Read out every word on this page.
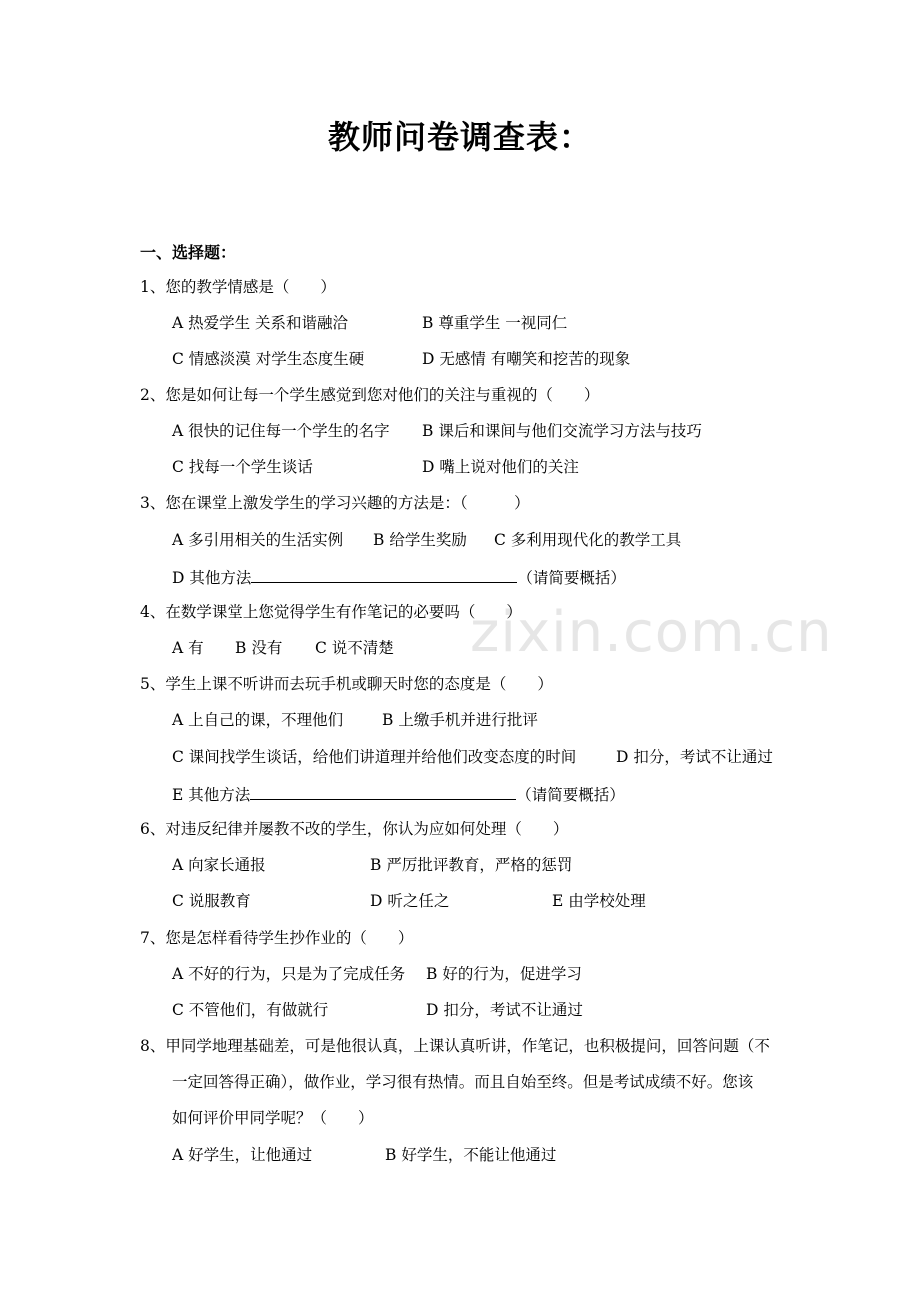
zixin.com.cn
教师问卷调查表：
一、选择题：
1、您的教学情感是（　　）
A 热爱学生 关系和谐融洽	B 尊重学生 一视同仁
C 情感淡漠 对学生态度生硬	D 无感情 有嘲笑和挖苦的现象
2、您是如何让每一个学生感觉到您对他们的关注与重视的（　　）
A 很快的记住每一个学生的名字 B 课后和课间与他们交流学习方法与技巧
C 找每一个学生谈话	D 嘴上说对他们的关注
3、您在课堂上激发学生的学习兴趣的方法是：（　　　）
A 多引用相关的生活实例 B 给学生奖励 C 多利用现代化的教学工具
D 其他方法	（请简要概括）
4、在数学课堂上您觉得学生有作笔记的必要吗（　　）
A 有 B 没有 C 说不清楚
5、学生上课不听讲而去玩手机或聊天时您的态度是（　　）
A 上自己的课，不理他们	B 上缴手机并进行批评
C 课间找学生谈话，给他们讲道理并给他们改变态度的时间	D 扣分，考试不让通过
E 其他方法	（请简要概括）
6、对违反纪律并屡教不改的学生，你认为应如何处理（　　）
A 向家长通报	B 严厉批评教育，严格的惩罚
C 说服教育	D 听之任之	E 由学校处理
7、您是怎样看待学生抄作业的（　　）
A 不好的行为，只是为了完成任务 B 好的行为，促进学习
C 不管他们，有做就行	D 扣分，考试不让通过
8、甲同学地理基础差，可是他很认真，上课认真听讲，作笔记，也积极提问，回答问题（不
一定回答得正确），做作业，学习很有热情。而且自始至终。但是考试成绩不好。您该
如何评价甲同学呢？（　　）
A 好学生，让他通过	B 好学生，不能让他通过
